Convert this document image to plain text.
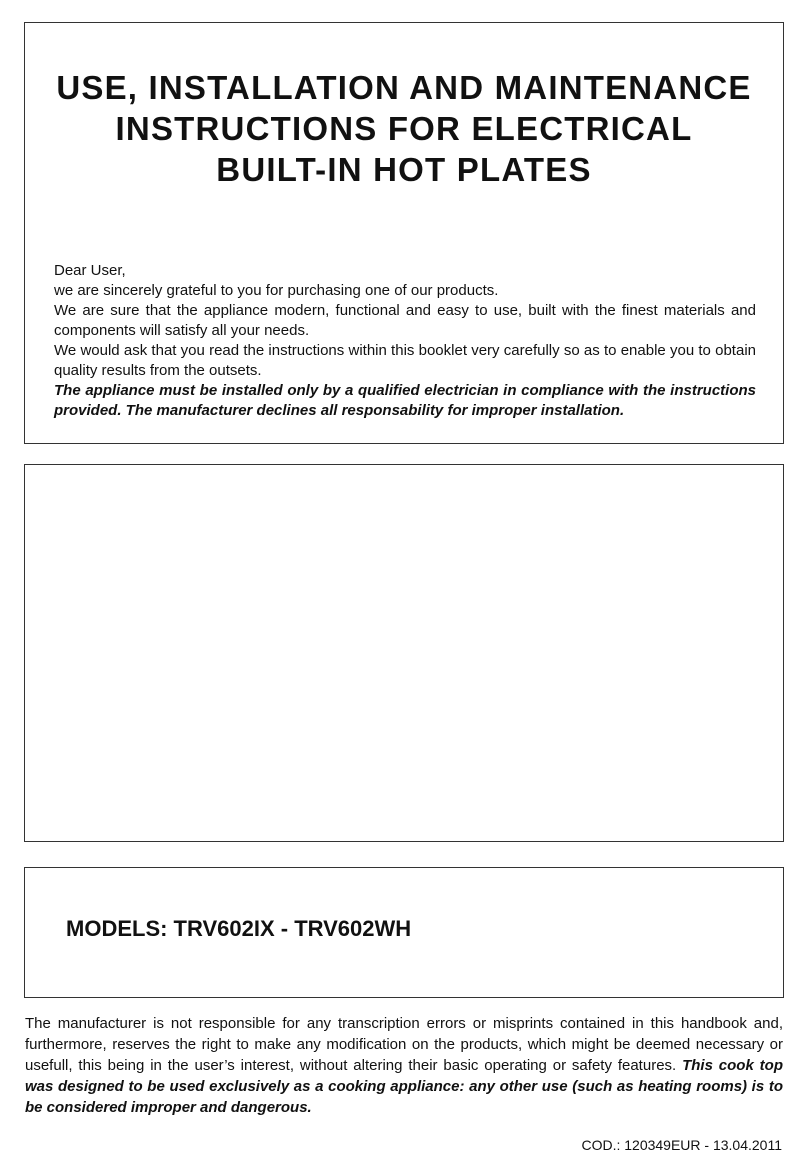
USE, INSTALLATION AND MAINTENANCE
INSTRUCTIONS FOR ELECTRICAL
BUILT-IN HOT PLATES

Dear User,

we are sincerely grateful to you for purchasing one of our products.

We are sure that the appliance modern, functional and easy to use, built with the finest materials and components will satisfy all your needs.

We would ask that you read the instructions within this booklet very carefully so as to enable you to obtain quality results from the outsets.

The appliance must be installed only by a qualified electrician in compliance with the instructions provided. The manufacturer declines all responsability for improper installation.

MODELS: TRV602IX - TRV602WH
The manufacturer is not responsible for any transcription errors or misprints contained in this handbook and, furthermore, reserves the right to make any modification on the products, which might be deemed necessary or usefull, this being in the user’s interest, without altering their basic operating or safety features. This cook top was designed to be used exclusively as a cooking appliance: any other use (such as heating rooms) is to be considered improper and dangerous.
COD.: 120349EUR - 13.04.2011
